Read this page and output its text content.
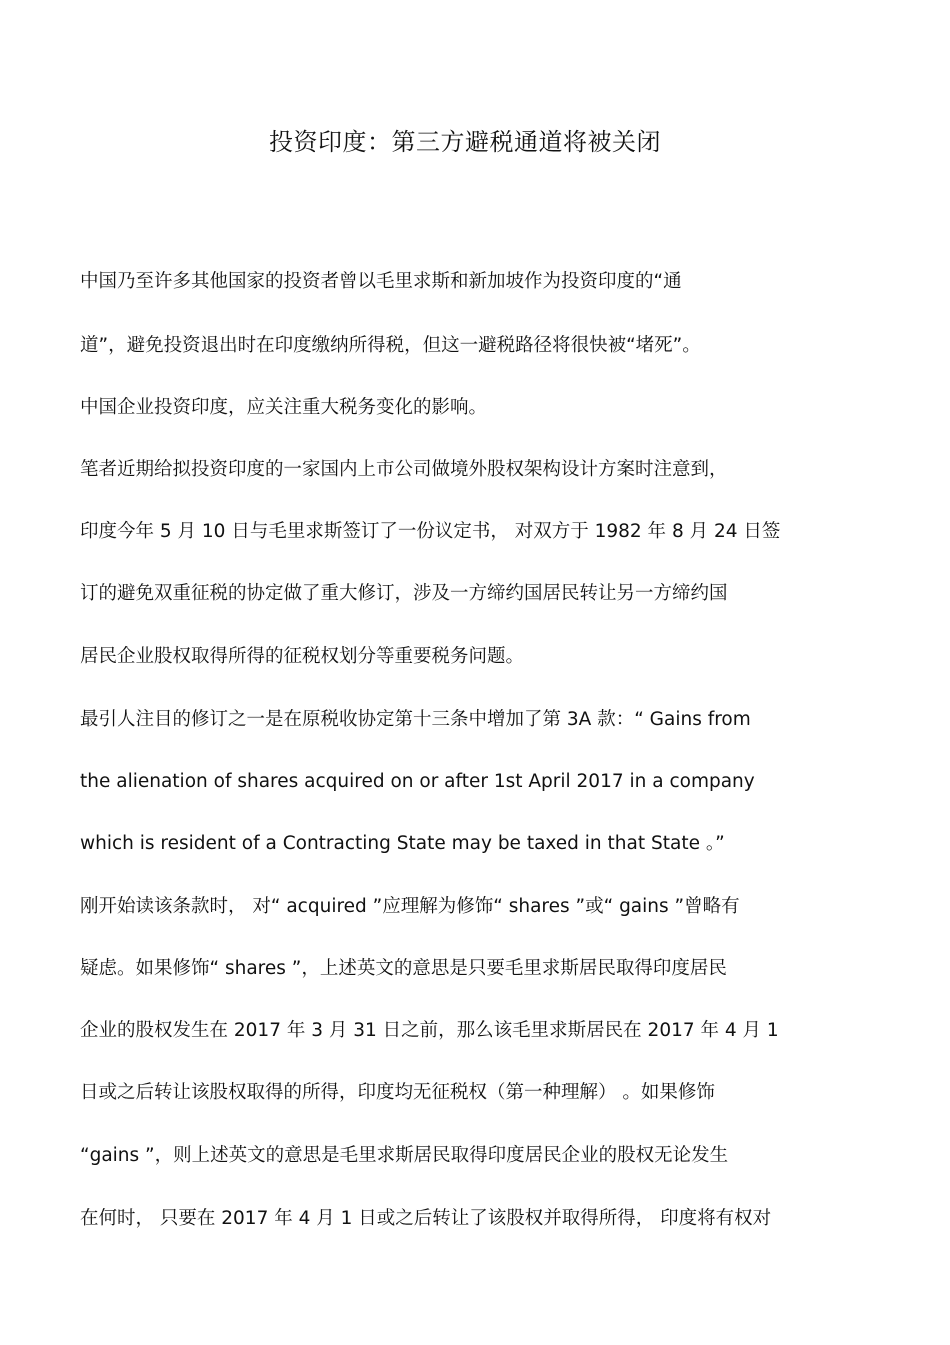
投资印度：第三方避税通道将被关闭
中国乃至许多其他国家的投资者曾以毛里求斯和新加坡作为投资印度的“通
道”，避免投资退出时在印度缴纳所得税，但这一避税路径将很快被“堵死”。
中国企业投资印度，应关注重大税务变化的影响。
笔者近期给拟投资印度的一家国内上市公司做境外股权架构设计方案时注意到，
印度今年 5 月 10 日与毛里求斯签订了一份议定书， 对双方于 1982 年 8 月 24 日签
订的避免双重征税的协定做了重大修订，涉及一方缔约国居民转让另一方缔约国
居民企业股权取得所得的征税权划分等重要税务问题。
最引人注目的修订之一是在原税收协定第十三条中增加了第 3A 款：“ Gains from
the alienation of shares acquired on or after 1st April 2017 in a company
which is resident of a Contracting State may be taxed in that State 。”
刚开始读该条款时， 对“ acquired ”应理解为修饰“ shares ”或“ gains ”曾略有
疑虑。如果修饰“ shares ”，上述英文的意思是只要毛里求斯居民取得印度居民
企业的股权发生在 2017 年 3 月 31 日之前，那么该毛里求斯居民在 2017 年 4 月 1
日或之后转让该股权取得的所得，印度均无征税权（第一种理解） 。如果修饰
“gains ”，则上述英文的意思是毛里求斯居民取得印度居民企业的股权无论发生
在何时， 只要在 2017 年 4 月 1 日或之后转让了该股权并取得所得， 印度将有权对
